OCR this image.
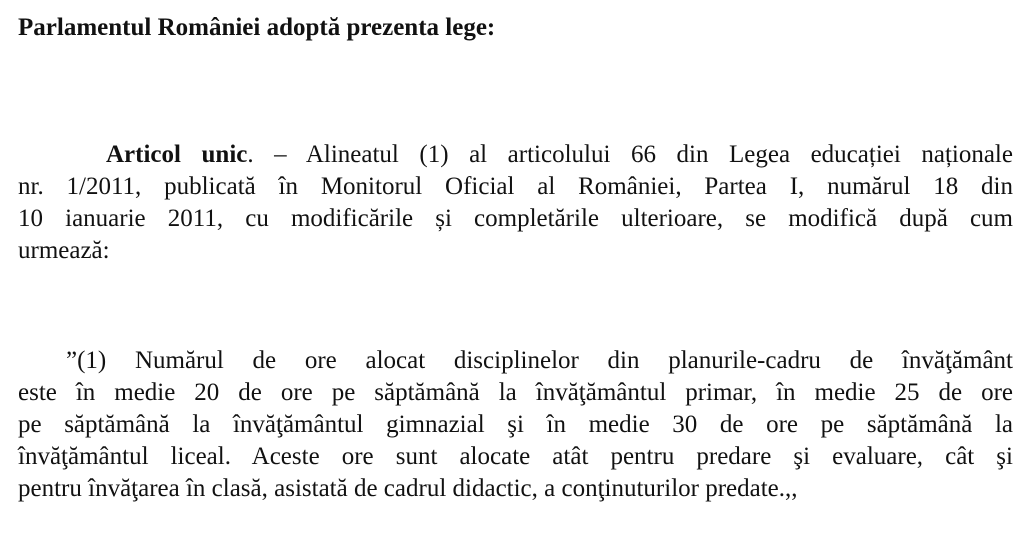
Parlamentul României adoptă prezenta lege:
Articol unic. – Alineatul (1) al articolului 66 din Legea educației naționale
nr. 1/2011, publicată în Monitorul Oficial al României, Partea I, numărul 18 din
10 ianuarie 2011, cu modificările și completările ulterioare, se modifică după cum
urmează:
”(1) Numărul de ore alocat disciplinelor din planurile-cadru de învăţământ
este în medie 20 de ore pe săptămână la învăţământul primar, în medie 25 de ore
pe săptămână la învăţământul gimnazial şi în medie 30 de ore pe săptămână la
învăţământul liceal. Aceste ore sunt alocate atât pentru predare şi evaluare, cât şi
pentru învăţarea în clasă, asistată de cadrul didactic, a conţinuturilor predate.,,
